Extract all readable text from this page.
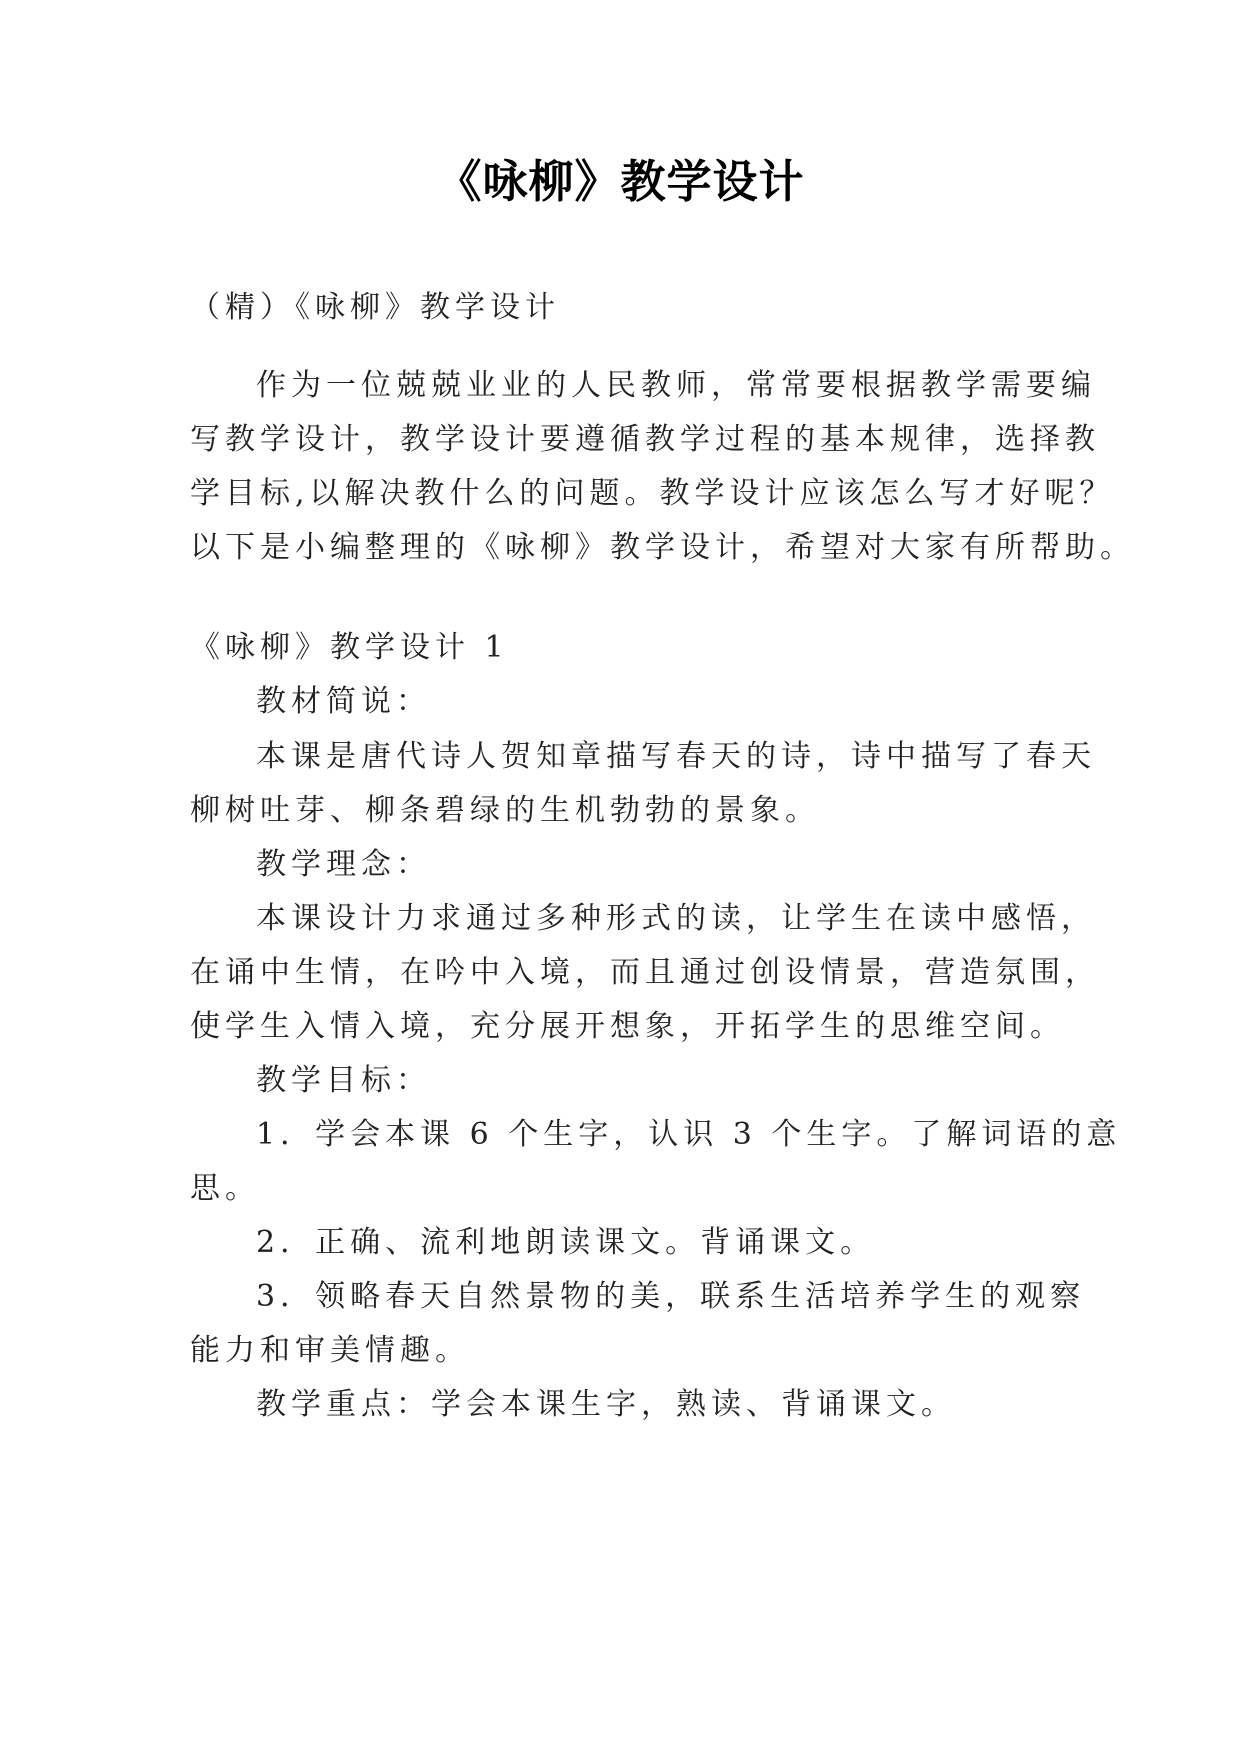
《咏柳》教学设计
（精）《咏柳》教学设计
作为一位兢兢业业的人民教师，常常要根据教学需要编
写教学设计，教学设计要遵循教学过程的基本规律，选择教
学目标,以解决教什么的问题。教学设计应该怎么写才好呢？
以下是小编整理的《咏柳》教学设计，希望对大家有所帮助。
《咏柳》教学设计 1
教材简说：
本课是唐代诗人贺知章描写春天的诗，诗中描写了春天
柳树吐芽、柳条碧绿的生机勃勃的景象。
教学理念：
本课设计力求通过多种形式的读，让学生在读中感悟，
在诵中生情，在吟中入境，而且通过创设情景，营造氛围，
使学生入情入境，充分展开想象，开拓学生的思维空间。
教学目标：
1．学会本课 6 个生字，认识 3 个生字。了解词语的意
思。
2．正确、流利地朗读课文。背诵课文。
3．领略春天自然景物的美，联系生活培养学生的观察
能力和审美情趣。
教学重点：学会本课生字，熟读、背诵课文。
